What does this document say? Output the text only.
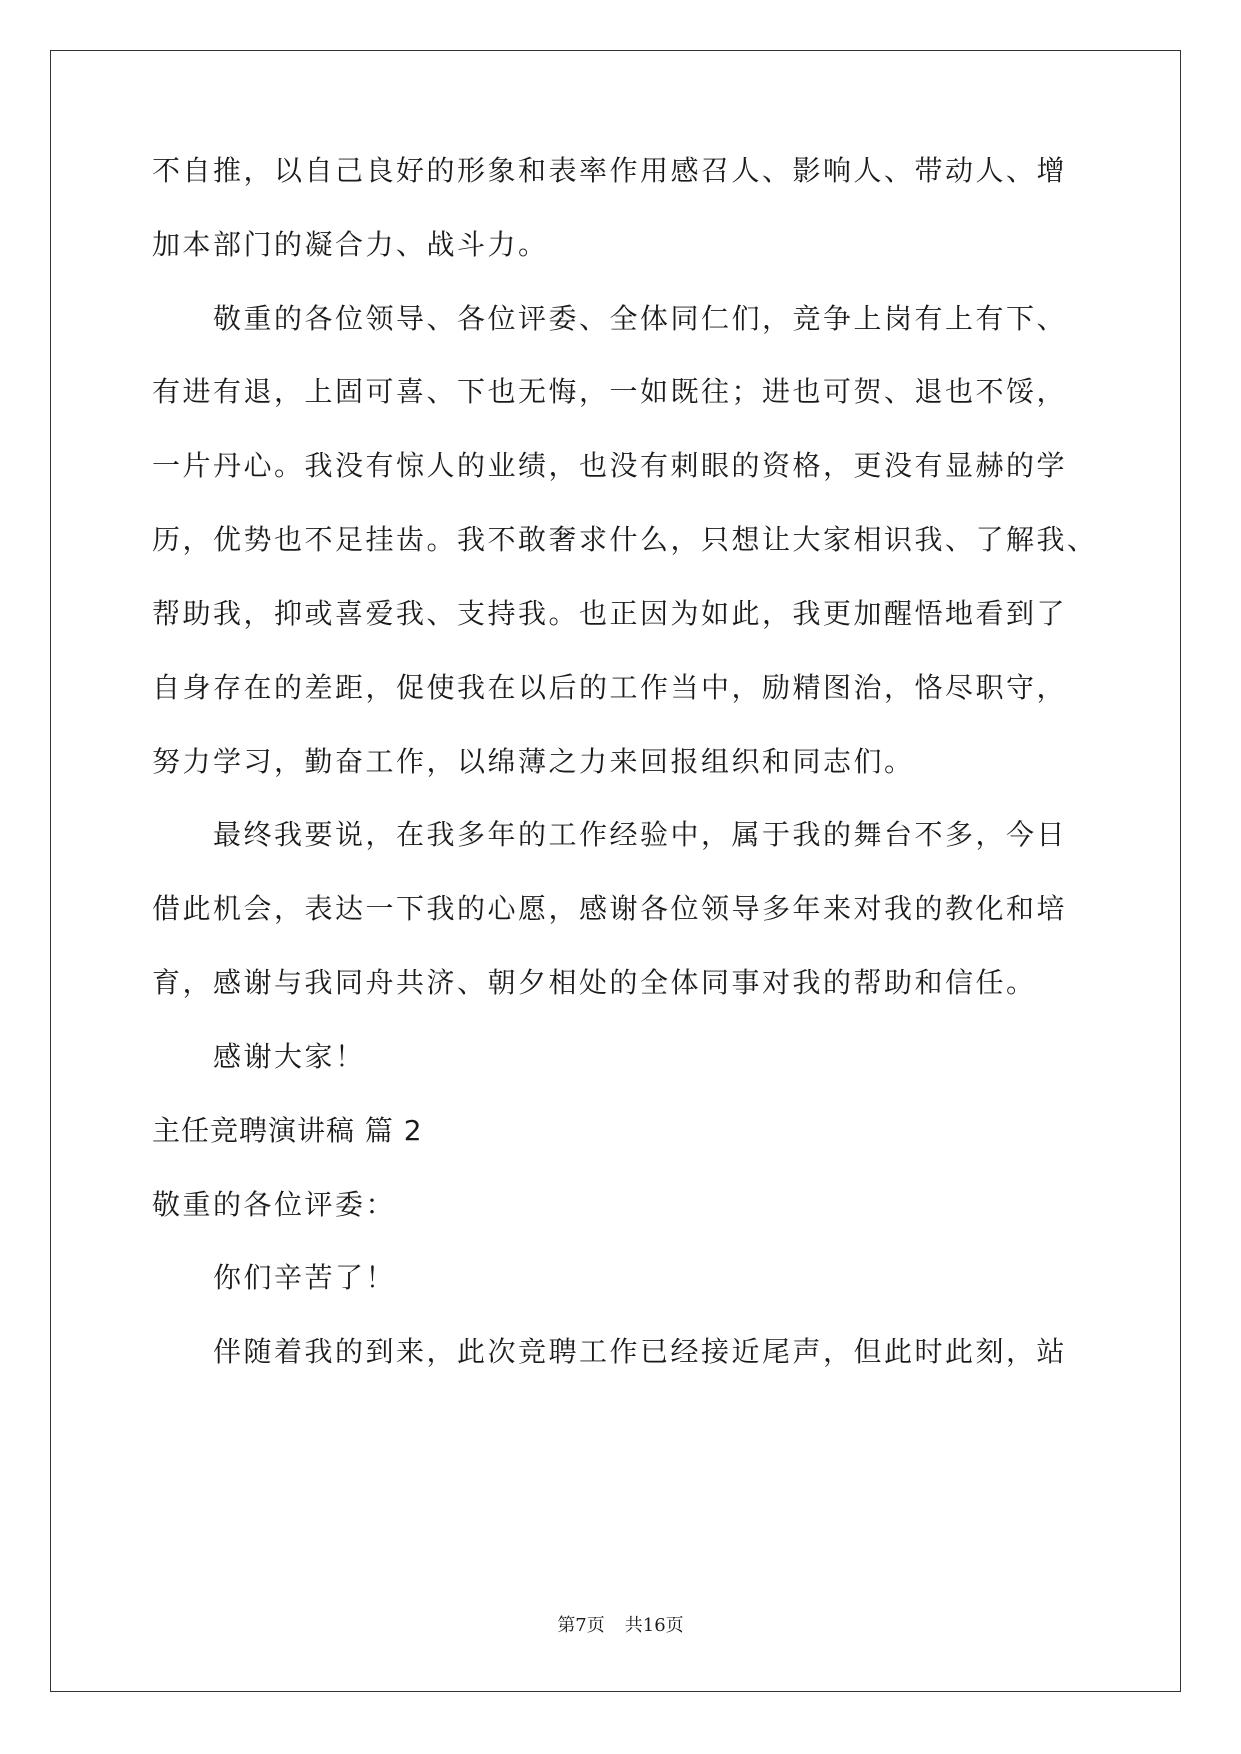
不自推，以自己良好的形象和表率作用感召人、影响人、带动人、增
加本部门的凝合力、战斗力。
敬重的各位领导、各位评委、全体同仁们，竞争上岗有上有下、
有进有退，上固可喜、下也无悔，一如既往；进也可贺、退也不馁，
一片丹心。我没有惊人的业绩，也没有刺眼的资格，更没有显赫的学
历，优势也不足挂齿。我不敢奢求什么，只想让大家相识我、了解我、
帮助我，抑或喜爱我、支持我。也正因为如此，我更加醒悟地看到了
自身存在的差距，促使我在以后的工作当中，励精图治，恪尽职守，
努力学习，勤奋工作，以绵薄之力来回报组织和同志们。
最终我要说，在我多年的工作经验中，属于我的舞台不多，今日
借此机会，表达一下我的心愿，感谢各位领导多年来对我的教化和培
育，感谢与我同舟共济、朝夕相处的全体同事对我的帮助和信任。
感谢大家！
主任竞聘演讲稿 篇 2
敬重的各位评委：
你们辛苦了！
伴随着我的到来，此次竞聘工作已经接近尾声，但此时此刻，站
第7页 共16页
